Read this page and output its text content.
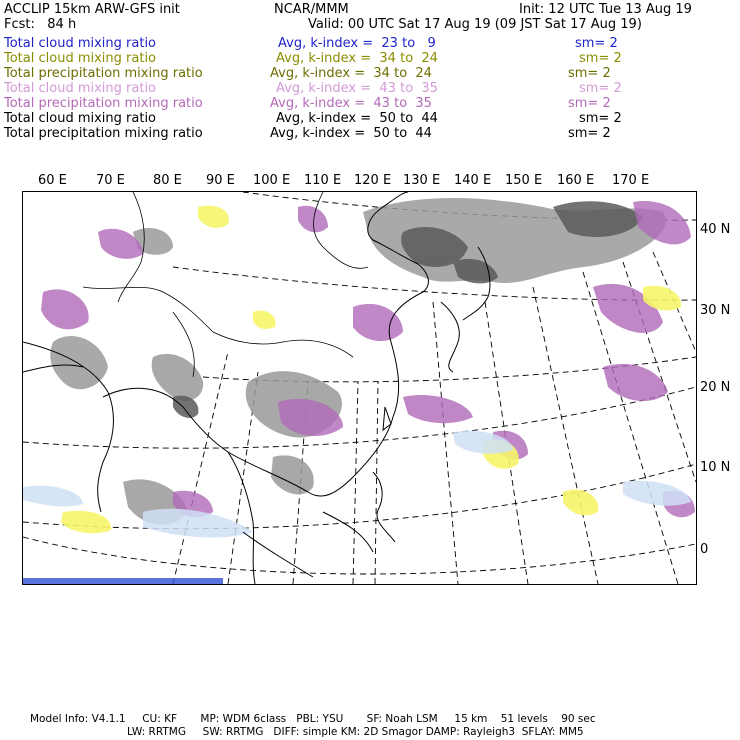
ACCLIP 15km ARW-GFS init	NCAR/MMM	Init: 12 UTC Tue 13 Aug 19
Fcst:   84 h	Valid: 00 UTC Sat 17 Aug 19 (09 JST Sat 17 Aug 19)
Total cloud mixing ratio	Avg, k-index =  23 to   9	sm= 2
Total cloud mixing ratio	Avg, k-index =  34 to  24	sm= 2
Total precipitation mixing ratio	Avg, k-index =  34 to  24	sm= 2
Total cloud mixing ratio	Avg, k-index =  43 to  35	sm= 2
Total precipitation mixing ratio	Avg, k-index =  43 to  35	sm= 2
Total cloud mixing ratio	Avg, k-index =  50 to  44	sm= 2
Total precipitation mixing ratio	Avg, k-index =  50 to  44	sm= 2
60 E 70 E 80 E 90 E 100 E 110 E 120 E 130 E 140 E 150 E 160 E 170 E
40 N
30 N
20 N
10 N
0
Model Info: V4.1.1     CU: KF       MP: WDM 6class   PBL: YSU       SF: Noah LSM     15 km    51 levels    90 sec
LW: RRTMG     SW: RRTMG   DIFF: simple KM: 2D Smagor DAMP: Rayleigh3  SFLAY: MM5
